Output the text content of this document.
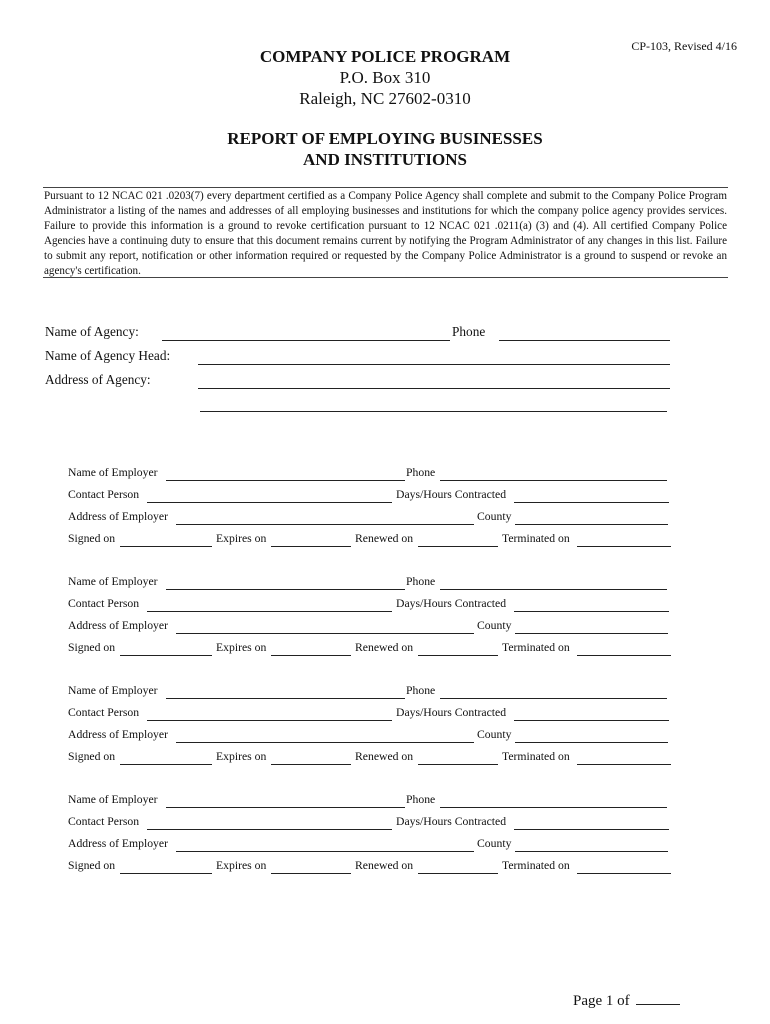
CP-103, Revised 4/16
COMPANY POLICE PROGRAM
P.O. Box 310
Raleigh, NC 27602-0310
REPORT OF EMPLOYING BUSINESSES
AND INSTITUTIONS
Pursuant to 12 NCAC 021 .0203(7) every department certified as a Company Police Agency shall complete and submit to the Company Police Program Administrator a listing of the names and addresses of all employing businesses and institutions for which the company police agency provides services. Failure to provide this information is a ground to revoke certification pursuant to 12 NCAC 021 .0211(a) (3) and (4). All certified Company Police Agencies have a continuing duty to ensure that this document remains current by notifying the Program Administrator of any changes in this list. Failure to submit any report, notification or other information required or requested by the Company Police Administrator is a ground to suspend or revoke an agency's certification.
Name of Agency:	Phone
Name of Agency Head:
Address of Agency:
Name of Employer	Phone
Contact Person	Days/Hours Contracted
Address of Employer	County
Signed on	Expires on	Renewed on	Terminated on
Name of Employer	Phone
Contact Person	Days/Hours Contracted
Address of Employer	County
Signed on	Expires on	Renewed on	Terminated on
Name of Employer	Phone
Contact Person	Days/Hours Contracted
Address of Employer	County
Signed on	Expires on	Renewed on	Terminated on
Name of Employer	Phone
Contact Person	Days/Hours Contracted
Address of Employer	County
Signed on	Expires on	Renewed on	Terminated on
Page 1 of
